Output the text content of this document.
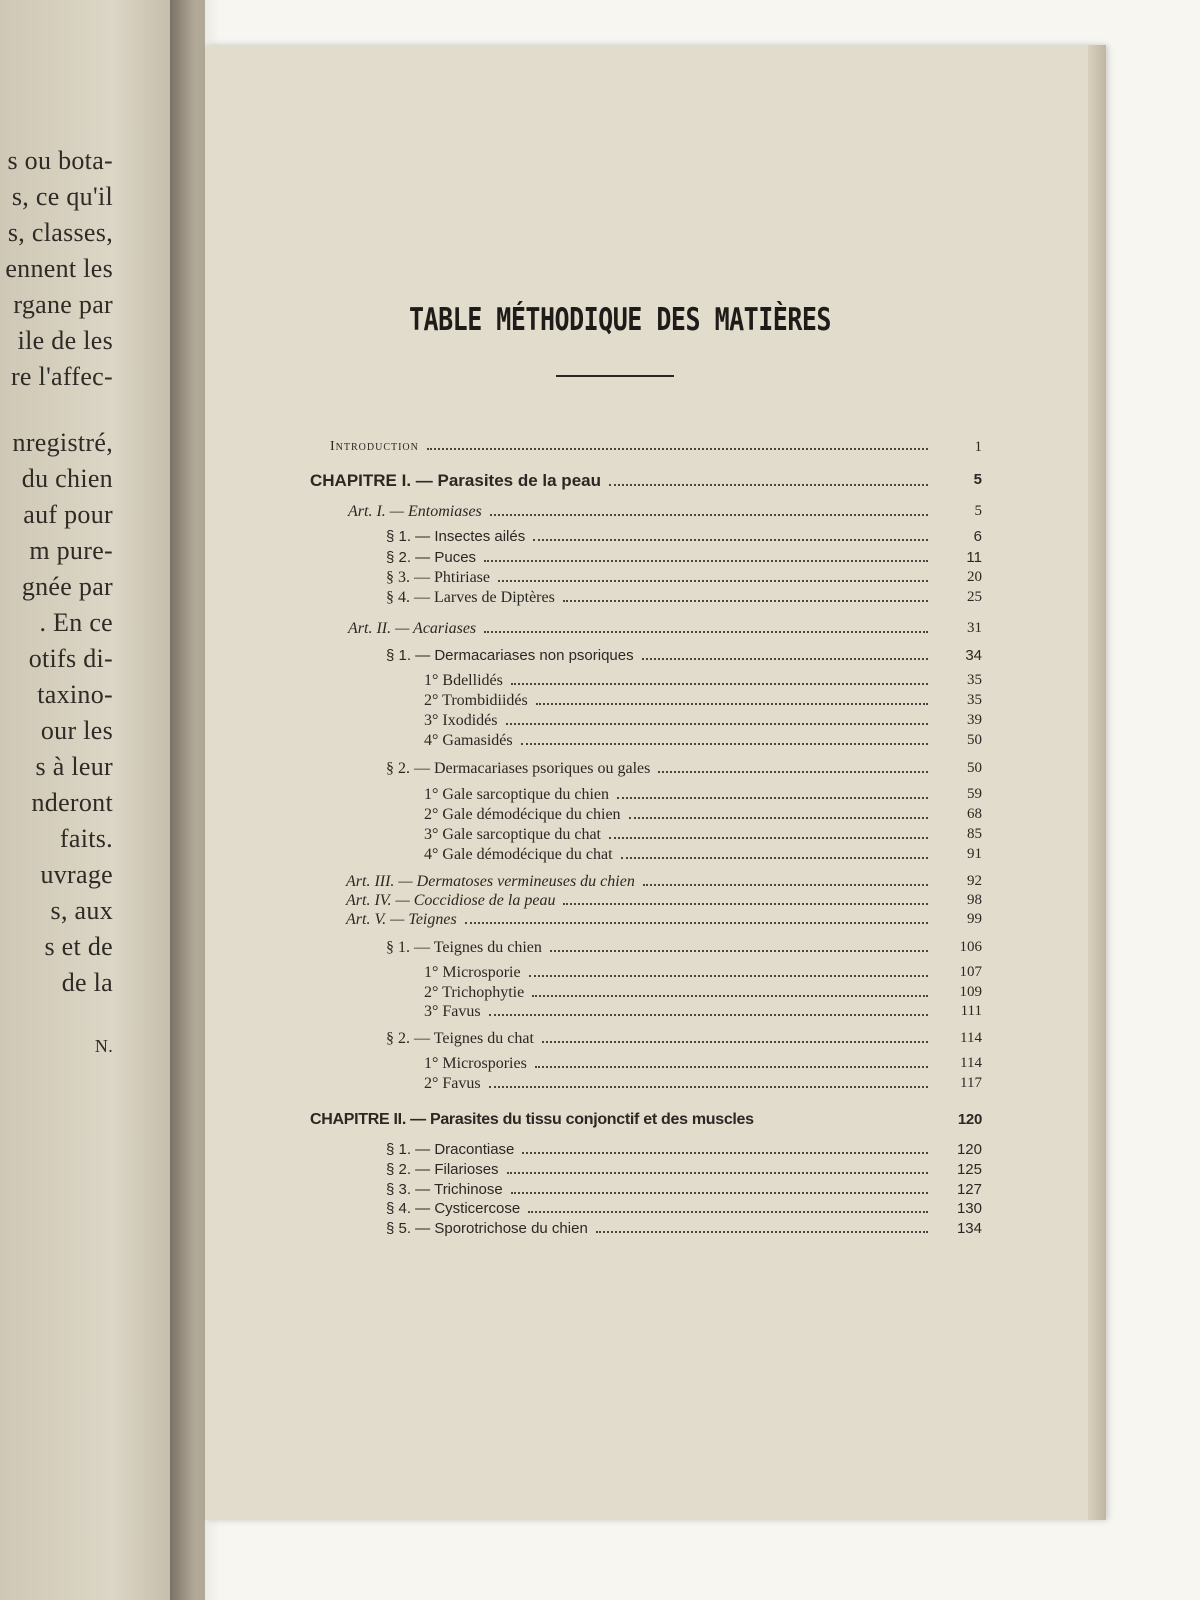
s ou bota-
s, ce qu'il
s, classes,
ennent les
rgane par
ile de les
re l'affec-
nregistré,
du chien
auf pour
m pure-
gnée par
. En ce
otifs di-
taxino-
our les
s à leur
nderont
faits.
uvrage
s, aux
s et de
de la
N.
TABLE MÉTHODIQUE DES MATIÈRES
Introduction	1
CHAPITRE I. — Parasites de la peau	5
Art. I. — Entomiases	5
§ 1. — Insectes ailés	6
§ 2. — Puces	11
§ 3. — Phtiriase	20
§ 4. — Larves de Diptères	25
Art. II. — Acariases	31
§ 1. — Dermacariases non psoriques	34
1° Bdellidés	35
2° Trombidiidés	35
3° Ixodidés	39
4° Gamasidés	50
§ 2. — Dermacariases psoriques ou gales	50
1° Gale sarcoptique du chien	59
2° Gale démodécique du chien	68
3° Gale sarcoptique du chat	85
4° Gale démodécique du chat	91
Art. III. — Dermatoses vermineuses du chien	92
Art. IV. — Coccidiose de la peau	98
Art. V. — Teignes	99
§ 1. — Teignes du chien	106
1° Microsporie	107
2° Trichophytie	109
3° Favus	111
§ 2. — Teignes du chat	114
1° Microspories	114
2° Favus	117
CHAPITRE II. — Parasites du tissu conjonctif et des muscles	120
§ 1. — Dracontiase	120
§ 2. — Filarioses	125
§ 3. — Trichinose	127
§ 4. — Cysticercose	130
§ 5. — Sporotrichose du chien	134
